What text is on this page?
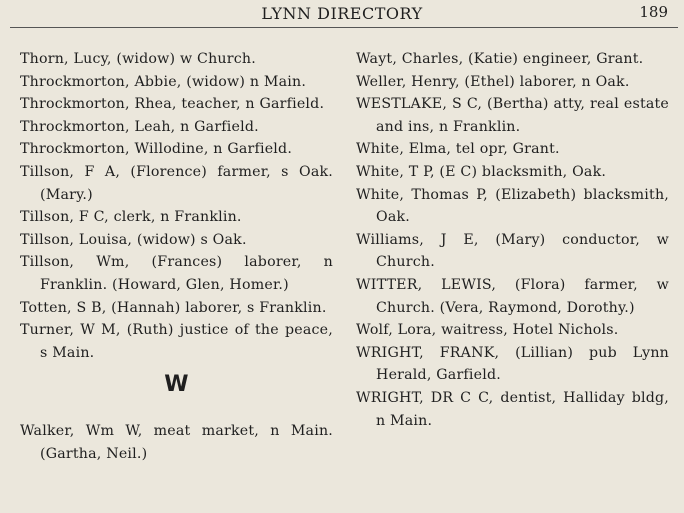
LYNN DIRECTORY	189
Thorn, Lucy, (widow) w Church.
Throckmorton, Abbie, (widow) n Main.
Throckmorton, Rhea, teacher, n Garfield.
Throckmorton, Leah, n Garfield.
Throckmorton, Willodine, n Garfield.
Tillson, F A, (Florence) farmer, s Oak. (Mary.)
Tillson, F C, clerk, n Franklin.
Tillson, Louisa, (widow) s Oak.
Tillson, Wm, (Frances) laborer, n Franklin. (Howard, Glen, Homer.)
Totten, S B, (Hannah) laborer, s Franklin.
Turner, W M, (Ruth) justice of the peace, s Main.
W
Walker, Wm W, meat market, n Main. (Gartha, Neil.)
Wayt, Charles, (Katie) engineer, Grant.
Weller, Henry, (Ethel) laborer, n Oak.
WESTLAKE, S C, (Bertha) atty, real estate and ins, n Franklin.
White, Elma, tel opr, Grant.
White, T P, (E C) blacksmith, Oak.
White, Thomas P, (Elizabeth) blacksmith, Oak.
Williams, J E, (Mary) conductor, w Church.
WITTER, LEWIS, (Flora) farmer, w Church. (Vera, Raymond, Dorothy.)
Wolf, Lora, waitress, Hotel Nichols.
WRIGHT, FRANK, (Lillian) pub Lynn Herald, Garfield.
WRIGHT, DR C C, dentist, Halliday bldg, n Main.
